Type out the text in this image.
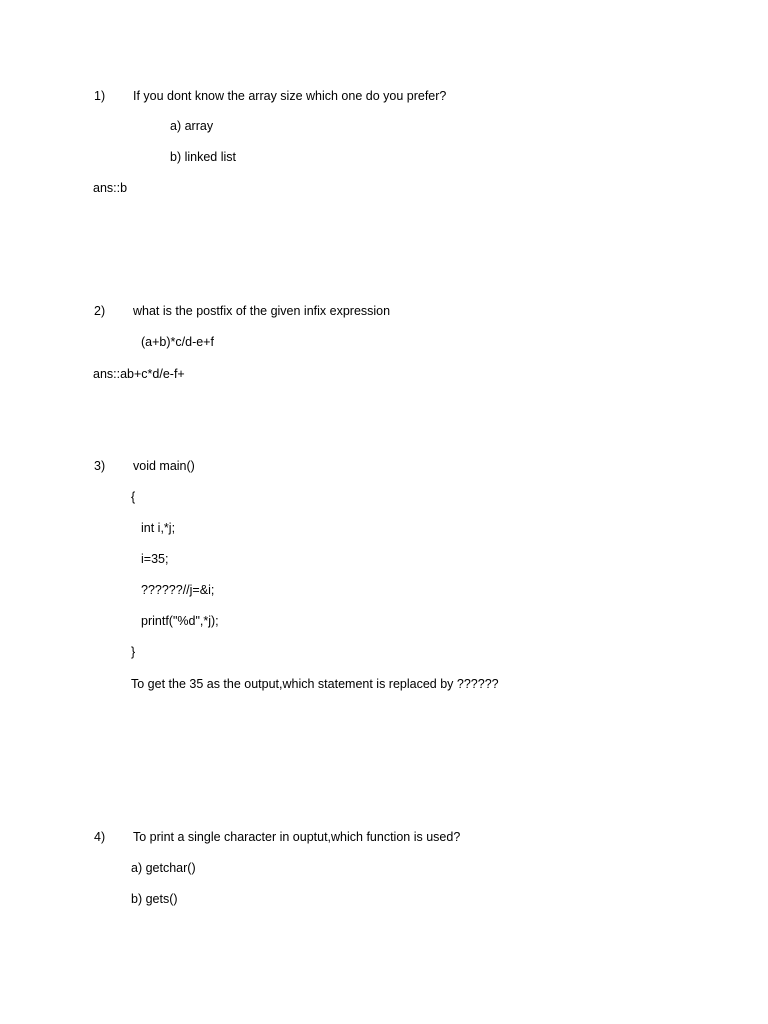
1) If you dont know the array size which one do you prefer?
a) array
b) linked list
ans::b
2) what is the postfix of the given infix expression
(a+b)*c/d-e+f
ans::ab+c*d/e-f+
3) void main()
{
int i,*j;
i=35;
??????//j=&i;
printf("%d",*j);
}
To get the 35 as the output,which statement is replaced by ??????
4) To print a single character in ouptut,which function is used?
a) getchar()
b) gets()
